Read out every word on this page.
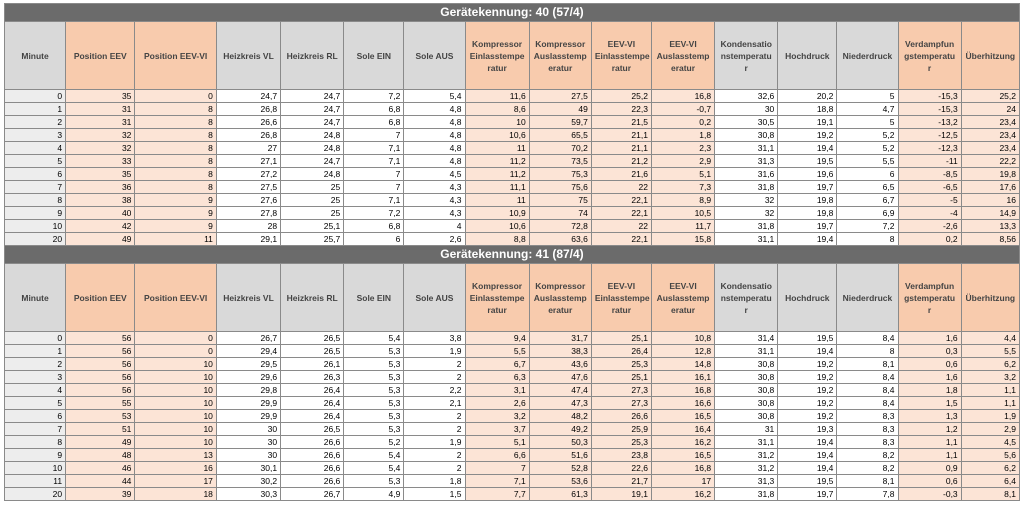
Gerätekennung: 40 (57/4)															
Minute	Position EEV	Position EEV-VI	Heizkreis VL	Heizkreis RL	Sole EIN	Sole AUS	Kompressor Einlasstempe ratur	Kompressor Auslasstemp eratur	EEV-VI Einlasstempe ratur	EEV-VI Auslasstemp eratur	Kondensatio nstemperatu r	Hochdruck	Niederdruck	Verdampfun gstemperatu r	Überhitzung
0	35	0	24,7	24,7	7,2	5,4	11,6	27,5	25,2	16,8	32,6	20,2	5	-15,3	25,2
1	31	8	26,8	24,7	6,8	4,8	8,6	49	22,3	-0,7	30	18,8	4,7	-15,3	24
2	31	8	26,6	24,7	6,8	4,8	10	59,7	21,5	0,2	30,5	19,1	5	-13,2	23,4
3	32	8	26,8	24,8	7	4,8	10,6	65,5	21,1	1,8	30,8	19,2	5,2	-12,5	23,4
4	32	8	27	24,8	7,1	4,8	11	70,2	21,1	2,3	31,1	19,4	5,2	-12,3	23,4
5	33	8	27,1	24,7	7,1	4,8	11,2	73,5	21,2	2,9	31,3	19,5	5,5	-11	22,2
6	35	8	27,2	24,8	7	4,5	11,2	75,3	21,6	5,1	31,6	19,6	6	-8,5	19,8
7	36	8	27,5	25	7	4,3	11,1	75,6	22	7,3	31,8	19,7	6,5	-6,5	17,6
8	38	9	27,6	25	7,1	4,3	11	75	22,1	8,9	32	19,8	6,7	-5	16
9	40	9	27,8	25	7,2	4,3	10,9	74	22,1	10,5	32	19,8	6,9	-4	14,9
10	42	9	28	25,1	6,8	4	10,6	72,8	22	11,7	31,8	19,7	7,2	-2,6	13,3
20	49	11	29,1	25,7	6	2,6	8,8	63,6	22,1	15,8	31,1	19,4	8	0,2	8,56
Gerätekennung: 41 (87/4)															
Minute	Position EEV	Position EEV-VI	Heizkreis VL	Heizkreis RL	Sole EIN	Sole AUS	Kompressor Einlasstempe ratur	Kompressor Auslasstemp eratur	EEV-VI Einlasstempe ratur	EEV-VI Auslasstemp eratur	Kondensatio nstemperatu r	Hochdruck	Niederdruck	Verdampfun gstemperatu r	Überhitzung
0	56	0	26,7	26,5	5,4	3,8	9,4	31,7	25,1	10,8	31,4	19,5	8,4	1,6	4,4
1	56	0	29,4	26,5	5,3	1,9	5,5	38,3	26,4	12,8	31,1	19,4	8	0,3	5,5
2	56	10	29,5	26,1	5,3	2	6,7	43,6	25,3	14,8	30,8	19,2	8,1	0,6	6,2
3	56	10	29,6	26,3	5,3	2	6,3	47,6	25,1	16,1	30,8	19,2	8,4	1,6	3,2
4	56	10	29,8	26,4	5,3	2,2	3,1	47,4	27,3	16,8	30,8	19,2	8,4	1,8	1,1
5	55	10	29,9	26,4	5,3	2,1	2,6	47,3	27,3	16,6	30,8	19,2	8,4	1,5	1,1
6	53	10	29,9	26,4	5,3	2	3,2	48,2	26,6	16,5	30,8	19,2	8,3	1,3	1,9
7	51	10	30	26,5	5,3	2	3,7	49,2	25,9	16,4	31	19,3	8,3	1,2	2,9
8	49	10	30	26,6	5,2	1,9	5,1	50,3	25,3	16,2	31,1	19,4	8,3	1,1	4,5
9	48	13	30	26,6	5,4	2	6,6	51,6	23,8	16,5	31,2	19,4	8,2	1,1	5,6
10	46	16	30,1	26,6	5,4	2	7	52,8	22,6	16,8	31,2	19,4	8,2	0,9	6,2
11	44	17	30,2	26,6	5,3	1,8	7,1	53,6	21,7	17	31,3	19,5	8,1	0,6	6,4
20	39	18	30,3	26,7	4,9	1,5	7,7	61,3	19,1	16,2	31,8	19,7	7,8	-0,3	8,1
